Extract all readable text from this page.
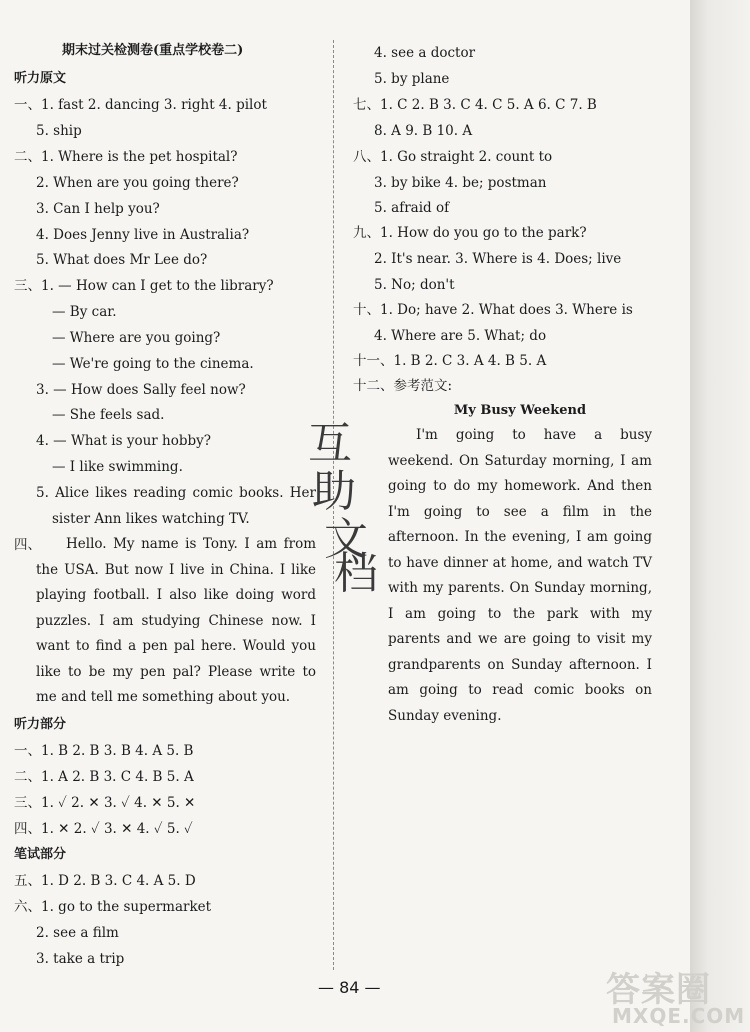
期末过关检测卷(重点学校卷二)
听力原文
一、1. fast 2. dancing 3. right 4. pilot
5. ship
二、1. Where is the pet hospital?
2. When are you going there?
3. Can I help you?
4. Does Jenny live in Australia?
5. What does Mr Lee do?
三、1. — How can I get to the library?
— By car.
— Where are you going?
— We're going to the cinema.
3. — How does Sally feel now?
— She feels sad.
4. — What is your hobby?
— I like swimming.
5. Alice likes reading comic books. Her
sister Ann likes watching TV.
四、	Hello. My name is Tony. I am from the USA. But now I live in China. I like playing football. I also like doing word puzzles. I am studying Chinese now. I want to find a pen pal here. Would you like to be my pen pal? Please write to me and tell me something about you.
听力部分
一、1. B 2. B 3. B 4. A 5. B
二、1. A 2. B 3. C 4. B 5. A
三、1. ✓ 2. ✕ 3. ✓ 4. ✕ 5. ✕
四、1. ✕ 2. ✓ 3. ✕ 4. ✓ 5. ✓
笔试部分
五、1. D 2. B 3. C 4. A 5. D
六、1. go to the supermarket
2. see a film
3. take a trip
互
助
文
档
4. see a doctor
5. by plane
七、1. C 2. B 3. C 4. C 5. A 6. C 7. B
8. A 9. B 10. A
八、1. Go straight 2. count to
3. by bike 4. be; postman
5. afraid of
九、1. How do you go to the park?
2. It's near. 3. Where is 4. Does; live
5. No; don't
十、1. Do; have 2. What does 3. Where is
4. Where are 5. What; do
十一、1. B 2. C 3. A 4. B 5. A
十二、参考范文:
My Busy Weekend
I'm going to have a busy weekend. On Saturday morning, I am going to do my homework. And then I'm going to see a film in the afternoon. In the evening, I am going to have dinner at home, and watch TV with my parents. On Sunday morning, I am going to the park with my parents and we are going to visit my grandparents on Sunday afternoon. I am going to read comic books on Sunday evening.
— 84 —	答案圈
MXQE.COM
